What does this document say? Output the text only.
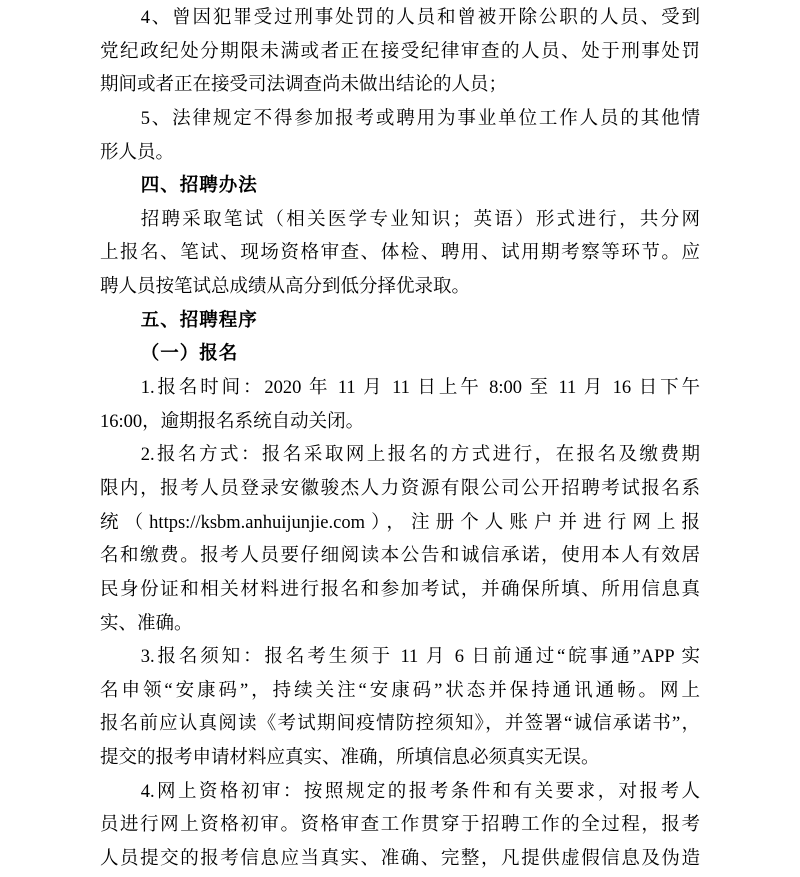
4、曾因犯罪受过刑事处罚的人员和曾被开除公职的人员、受到
党纪政纪处分期限未满或者正在接受纪律审查的人员、处于刑事处罚
期间或者正在接受司法调查尚未做出结论的人员；
5、法律规定不得参加报考或聘用为事业单位工作人员的其他情
形人员。
四、招聘办法
招聘采取笔试（相关医学专业知识；英语）形式进行，共分网
上报名、笔试、现场资格审查、体检、聘用、试用期考察等环节。应
聘人员按笔试总成绩从高分到低分择优录取。
五、招聘程序
（一）报名
1.报名时间：2020 年 11 月 11 日上午 8:00 至 11 月 16 日下午
16:00，逾期报名系统自动关闭。
2.报名方式：报名采取网上报名的方式进行，在报名及缴费期
限内，报考人员登录安徽骏杰人力资源有限公司公开招聘考试报名系
统（https://ksbm.anhuijunjie.com），注册个人账户并进行网上报
名和缴费。报考人员要仔细阅读本公告和诚信承诺，使用本人有效居
民身份证和相关材料进行报名和参加考试，并确保所填、所用信息真
实、准确。
3.报名须知：报名考生须于 11 月 6 日前通过“皖事通”APP 实
名申领“安康码”，持续关注“安康码”状态并保持通讯通畅。网上
报名前应认真阅读《考试期间疫情防控须知》，并签署“诚信承诺书”，
提交的报考申请材料应真实、准确，所填信息必须真实无误。
4.网上资格初审：按照规定的报考条件和有关要求，对报考人
员进行网上资格初审。资格审查工作贯穿于招聘工作的全过程，报考
人员提交的报考信息应当真实、准确、完整，凡提供虚假信息及伪造
